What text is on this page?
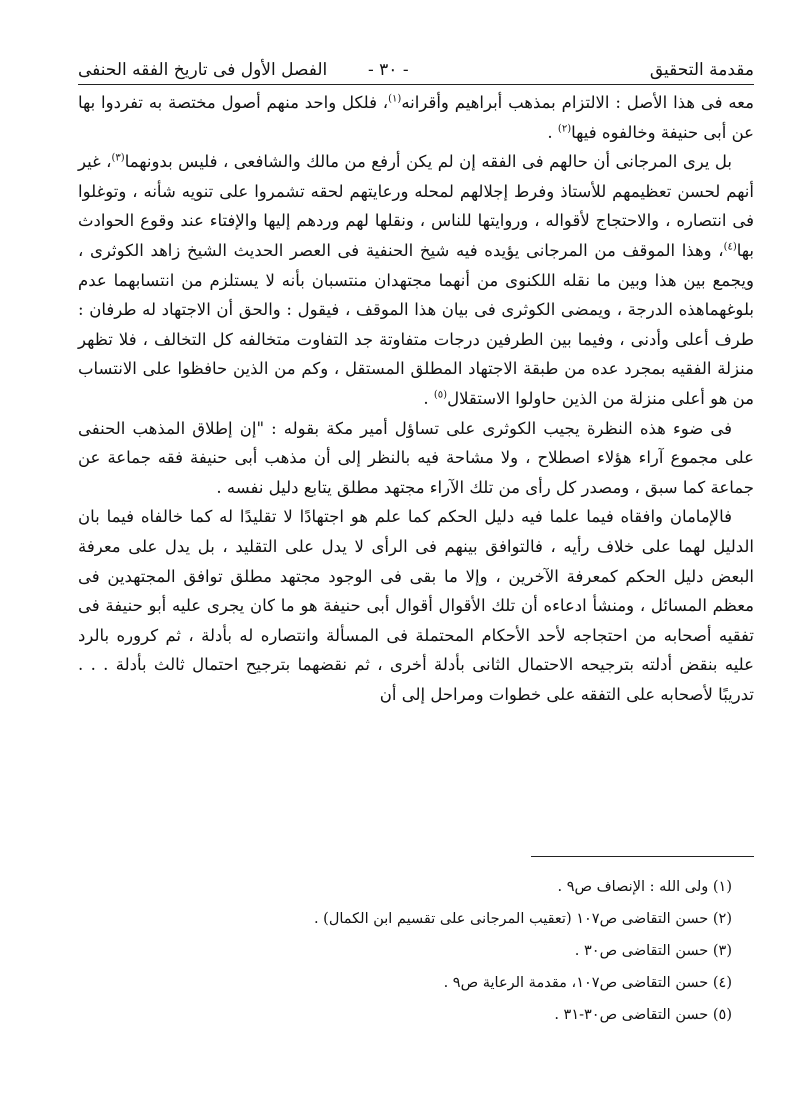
مقدمة التحقيق
- ٣٠ -
الفصل الأول فى تاريخ الفقه الحنفى

معه فى هذا الأصل : الالتزام بمذهب أبراهيم وأقرانه$^{(١)}$، فلكل واحد منهم أصول مختصة به تفردوا بها عن أبى حنيفة وخالفوه فيها$^{(٢)}$ .

بل يرى المرجانى أن حالهم فى الفقه إن لم يكن أرفع من مالك والشافعى ، فليس بدونهما$^{(٣)}$، غير أنهم لحسن تعظيمهم للأستاذ وفرط إجلالهم لمحله ورعايتهم لحقه تشمروا على تنويه شأنه ، وتوغلوا فى انتصاره ، والاحتجاج لأقواله ، وروايتها للناس ، ونقلها لهم وردهم إليها والإفتاء عند وقوع الحوادث بها$^{(٤)}$، وهذا الموقف من المرجانى يؤيده فيه شيخ الحنفية فى العصر الحديث الشيخ زاهد الكوثرى ، ويجمع بين هذا وبين ما نقله اللكنوى من أنهما مجتهدان منتسبان بأنه لا يستلزم من انتسابهما عدم بلوغهماهذه الدرجة ، ويمضى الكوثرى فى بيان هذا الموقف ، فيقول : والحق أن الاجتهاد له طرفان : طرف أعلى وأدنى ، وفيما بين الطرفين درجات متفاوتة جد التفاوت متخالفه كل التخالف ، فلا تظهر منزلة الفقيه بمجرد عده من طبقة الاجتهاد المطلق المستقل ، وكم من الذين حافظوا على الانتساب من هو أعلى منزلة من الذين حاولوا الاستقلال$^{(٥)}$ .

فى ضوء هذه النظرة يجيب الكوثرى على تساؤل أمير مكة بقوله : "إن إطلاق المذهب الحنفى على مجموع آراء هؤلاء اصطلاح ، ولا مشاحة فيه بالنظر إلى أن مذهب أبى حنيفة فقه جماعة عن جماعة كما سبق ، ومصدر كل رأى من تلك الآراء مجتهد مطلق يتابع دليل نفسه .

فالإمامان وافقاه فيما علما فيه دليل الحكم كما علم هو اجتهادًا لا تقليدًا له كما خالفاه فيما بان الدليل لهما على خلاف رأيه ، فالتوافق بينهم فى الرأى لا يدل على التقليد ، بل يدل على معرفة البعض دليل الحكم كمعرفة الآخرين ، وإلا ما بقى فى الوجود مجتهد مطلق توافق المجتهدين فى معظم المسائل ، ومنشأ ادعاءه أن تلك الأقوال أقوال أبى حنيفة هو ما كان يجرى عليه أبو حنيفة فى تفقيه أصحابه من احتجاجه لأحد الأحكام المحتملة فى المسألة وانتصاره له بأدلة ، ثم كروره بالرد عليه بنقض أدلته بترجيحه الاحتمال الثانى بأدلة أخرى ، ثم نقضهما بترجيح احتمال ثالث بأدلة . . . تدريبًا لأصحابه على التفقه على خطوات ومراحل إلى أن

(١) ولى الله : الإنصاف ص٩ .

(٢) حسن التقاضى ص١٠٧ (تعقيب المرجانى على تقسيم ابن الكمال) .

(٣) حسن التقاضى ص٣٠ .

(٤) حسن التقاضى ص١٠٧، مقدمة الرعاية ص٩ .

(٥) حسن التقاضى ص٣٠-٣١ .
